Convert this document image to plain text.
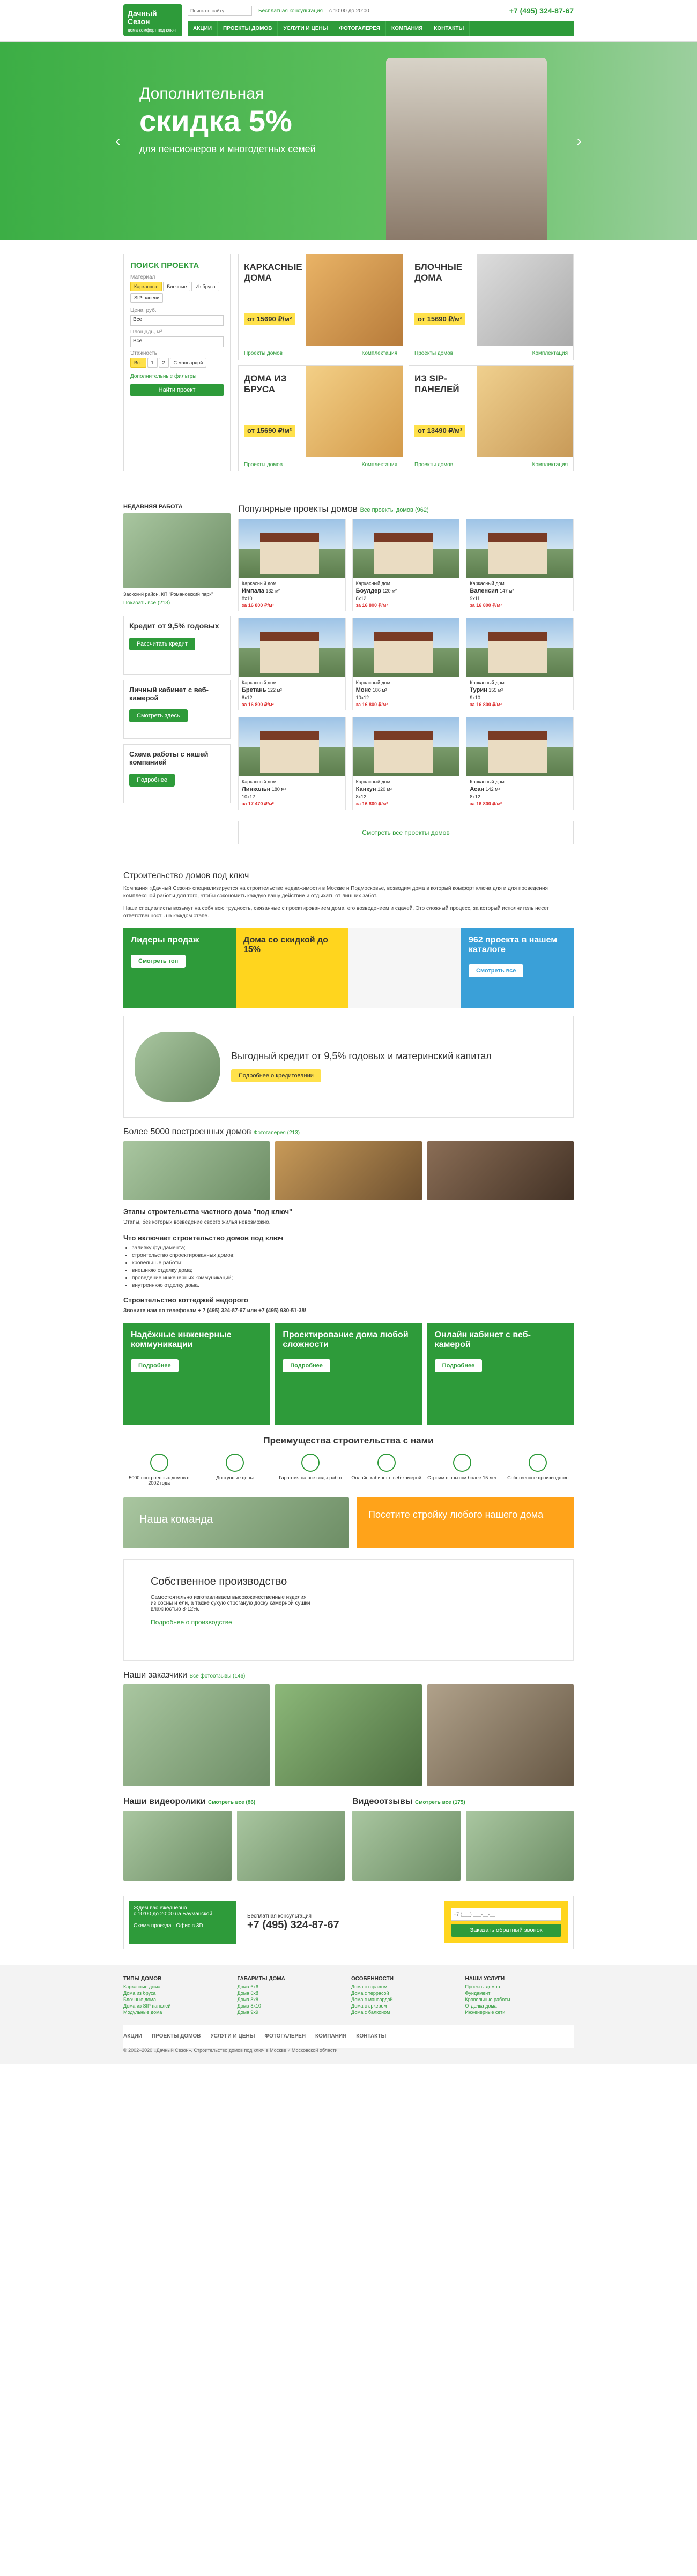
Дачный Сезон
дома комфорт под ключ
Поиск по сайту
Бесплатная консультация с 10:00 до 20:00	+7 (495) 324-87-67
АКЦИИ	ПРОЕКТЫ ДОМОВ	УСЛУГИ И ЦЕНЫ	ФОТОГАЛЕРЕЯ	КОМПАНИЯ	КОНТАКТЫ
Дополнительная
скидка 5%
для пенсионеров и многодетных семей
‹	›
ПОИСК ПРОЕКТА
Материал
Каркасные Блочные Из брусаSIP-панели
Цена, руб.
Все
Площадь, м²
Все
Этажность
Все 1 2 С мансардой
Дополнительные фильтры
Найти проект
КАРКАСНЫЕ ДОМА
от 15690 ₽/м²
Проекты домов	Комплектация
БЛОЧНЫЕ ДОМА
от 15690 ₽/м²
Проекты домов	Комплектация
ДОМА ИЗ БРУСА
от 15690 ₽/м²
Проекты домов	Комплектация
ИЗ SIP-ПАНЕЛЕЙ
от 13490 ₽/м²
Проекты домов	Комплектация
НЕДАВНЯЯ РАБОТА

Заокский район, КП "Романовский парк"

Показать все (213)

Кредит от 9,5% годовых

Рассчитать кредит
Личный кабинет с веб-камерой

Смотреть здесь
Схема работы с нашей компанией

Подробнее
Популярные проекты домов Все проекты домов (962)
Каркасный дом
Импала 132 м²
8x10
за 16 800 ₽/м²
Каркасный дом
Боулдер 120 м²
8x12
за 16 800 ₽/м²
Каркасный дом
Валенсия 147 м²
9x11
за 16 800 ₽/м²
Каркасный дом
Бретань 122 м²
8x12
за 16 800 ₽/м²
Каркасный дом
Монс 186 м²
10x12
за 16 800 ₽/м²
Каркасный дом
Турин 155 м²
9x10
за 16 800 ₽/м²
Каркасный дом
Линкольн 180 м²
10x12
за 17 470 ₽/м²
Каркасный дом
Канкун 120 м²
8x12
за 16 800 ₽/м²
Каркасный дом
Асан 142 м²
8x12
за 16 800 ₽/м²
Смотреть все проекты домов
Строительство домов под ключ

Компания «Дачный Сезон» специализируется на строительстве недвижимости в Москве и Подмосковье, возводим дома в который комфорт ключа для и для проведения комплексной работы для того, чтобы сэкономить каждую вашу действие и отдыхать от лишних забот.

Наши специалисты возьмут на себя всю трудность, связанные с проектированием дома, его возведением и сдачей. Это сложный процесс, за который исполнитель несет ответственность на каждом этапе.

Лидеры продаж

Смотреть топ
Дома со скидкой до 15%
962 проекта в нашем каталоге

Смотреть все
Выгодный кредит от 9,5% годовых и материнский капитал

Подробнее о кредитовании
Более 5000 построенных домов Фотогалерея (213)
Этапы строительства частного дома "под ключ"

Этапы, без которых возведение своего жилья невозможно.

Что включает строительство домов под ключ
• заливку фундамента;
• строительство спроектированных домов;
• кровельные работы;
• внешнюю отделку дома;
• проведение инженерных коммуникаций;
• внутреннюю отделку дома.
Строительство коттеджей недорого

Звоните нам по телефонам + 7 (495) 324-87-67 или +7 (495) 930-51-38!

Надёжные инженерные коммуникации

Подробнее
Проектирование дома любой сложности

Подробнее
Онлайн кабинет с веб-камерой

Подробнее
Преимущества строительства с нами
5000 построенных домов с 2002 года
Доступные цены	Гарантия на все виды работ	Онлайн кабинет с веб-камерой Строим с опытом более 15 лет	Собственное производство
Наша команда	Посетите стройку любого нашего дома
Собственное производство

Самостоятельно изготавливаем высококачественные изделия из сосны и ели, а также сухую строганую доску камерной сушки влажностью 8-12%.

Подробнее о производстве
Наши заказчики Все фотоотзывы (146)
Наши видеоролики Смотреть все (86)	Видеоотзывы Смотреть все (175)
Ждем вас ежедневно
с 10:00 до 20:00 на Бауманской

Схема проезда · Офис в 3D
Бесплатная консультация
+7 (495) 324-87-67
+7 (___) ___-__-__	Заказать обратный звонок
ТИПЫ ДОМОВ
Каркасные дома
Дома из бруса
Блочные дома
Дома из SIP панелей
Модульные дома
ГАБАРИТЫ ДОМА
Дома 6x6
Дома 6x8
Дома 8x8
Дома 8x10
Дома 9x9
ОСОБЕННОСТИ
Дома с гаражом
Дома с террасой
Дома с мансардой
Дома с эркером
Дома с балконом
НАШИ УСЛУГИ
Проекты домов
Фундамент
Кровельные работы
Отделка дома
Инженерные сети
АКЦИИ ПРОЕКТЫ ДОМОВ УСЛУГИ И ЦЕНЫ ФОТОГАЛЕРЕЯ КОМПАНИЯ КОНТАКТЫ

© 2002–2020 «Дачный Сезон». Строительство домов под ключ в Москве и Московской области
